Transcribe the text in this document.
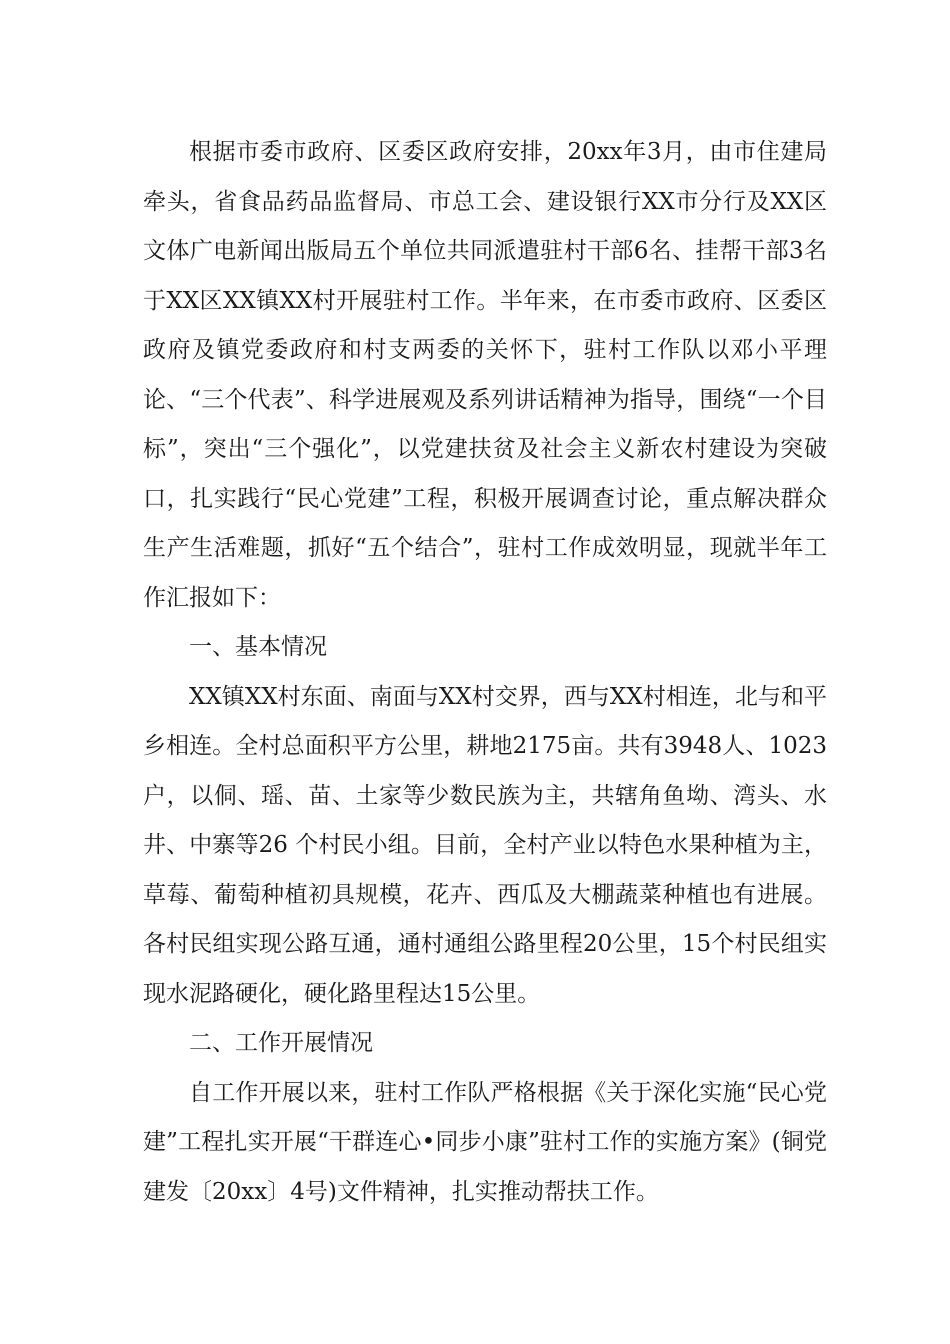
根据市委市政府、区委区政府安排，20xx年3月，由市住建局牵头，省食品药品监督局、市总工会、建设银行XX市分行及XX区文体广电新闻出版局五个单位共同派遣驻村干部6名、挂帮干部3名于XX区XX镇XX村开展驻村工作。半年来，在市委市政府、区委区政府及镇党委政府和村支两委的关怀下，驻村工作队以邓小平理论、“三个代表”、科学进展观及系列讲话精神为指导，围绕“一个目标”，突出“三个强化”，以党建扶贫及社会主义新农村建设为突破口，扎实践行“民心党建”工程，积极开展调查讨论，重点解决群众生产生活难题，抓好“五个结合”，驻村工作成效明显，现就半年工作汇报如下：

一、基本情况

XX镇XX村东面、南面与XX村交界，西与XX村相连，北与和平乡相连。全村总面积平方公里，耕地2175亩。共有3948人、1023户，以侗、瑶、苗、土家等少数民族为主，共辖角鱼坳、湾头、水井、中寨等26 个村民小组。目前，全村产业以特色水果种植为主，草莓、葡萄种植初具规模，花卉、西瓜及大棚蔬菜种植也有进展。各村民组实现公路互通，通村通组公路里程20公里，15个村民组实现水泥路硬化，硬化路里程达15公里。

二、工作开展情况

自工作开展以来，驻村工作队严格根据《关于深化实施“民心党建”工程扎实开展“干群连心•同步小康”驻村工作的实施方案》(铜党建发〔20xx〕4号)文件精神，扎实推动帮扶工作。
